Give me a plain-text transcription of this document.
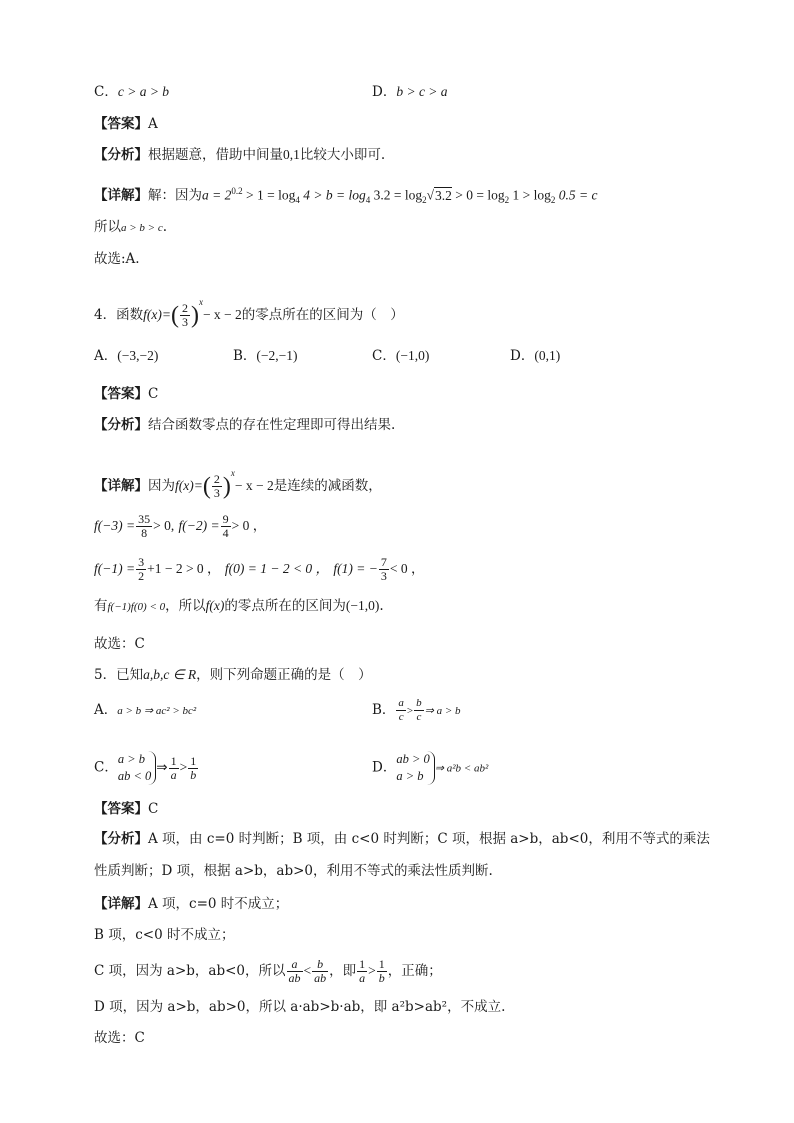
C．c > a > b	D．b > c > a
【答案】A
【分析】根据题意，借助中间量0,1比较大小即可.
【详解】解：因为$a = 2^{0.2} > 1 = \log_4 4 > b = \log_4 3.2 = \log_2√3.2 > 0 = \log_2 1 > \log_2 0.5 = c$
所以a > b > c.
故选:A.
4．函数$f(x)=( \frac{2}{3} )^x- x - 2$的零点所在的区间为（　）
A．(−3,−2)	B．(−2,−1)	C．(−1,0)	D．(0,1)
【答案】C
【分析】结合函数零点的存在性定理即可得出结果.
【详解】因为$f(x)=( \frac{2}{3} )^x- x - 2$是连续的减函数，
$f(-3) = \frac{35}{8} > 0$, $f(-2) = \frac{9}{4} > 0$ ，
$f(-1) = \frac{3}{2} +1 - 2 > 0$ ， f(0) = 1 − 2 < 0 ， f(1) = − $\frac{7}{3} < 0$ ，
有f(−1)f(0) < 0，所以f(x)的零点所在的区间为(−1,0).
故选：C
5．已知a,b,c ∈ R，则下列命题正确的是（　）
A．a > b ⇒ ac² > bc²	B． $\frac{a}{c} > \frac{b}{c}$ ⇒ a > b
C．
a > b
ab < 0
⇒ $\frac{1}{a} > \frac{1}{b}$	D．
ab > 0
a > b
⇒ a²b < ab²
【答案】C
【分析】A 项，由 c=0 时判断；B 项，由 c<0 时判断；C 项，根据 a>b，ab<0，利用不等式的乘法
性质判断；D 项，根据 a>b，ab>0，利用不等式的乘法性质判断.
【详解】A 项，c=0 时不成立；
B 项，c<0 时不成立；
C 项，因为 a>b，ab<0，所以 $\frac{a}{ab} < \frac{b}{ab}$ ，即 $\frac{1}{a} > \frac{1}{b}$ ，正确；
D 项，因为 a>b，ab>0，所以 a·ab>b·ab，即 a²b>ab²，不成立.
故选：C
